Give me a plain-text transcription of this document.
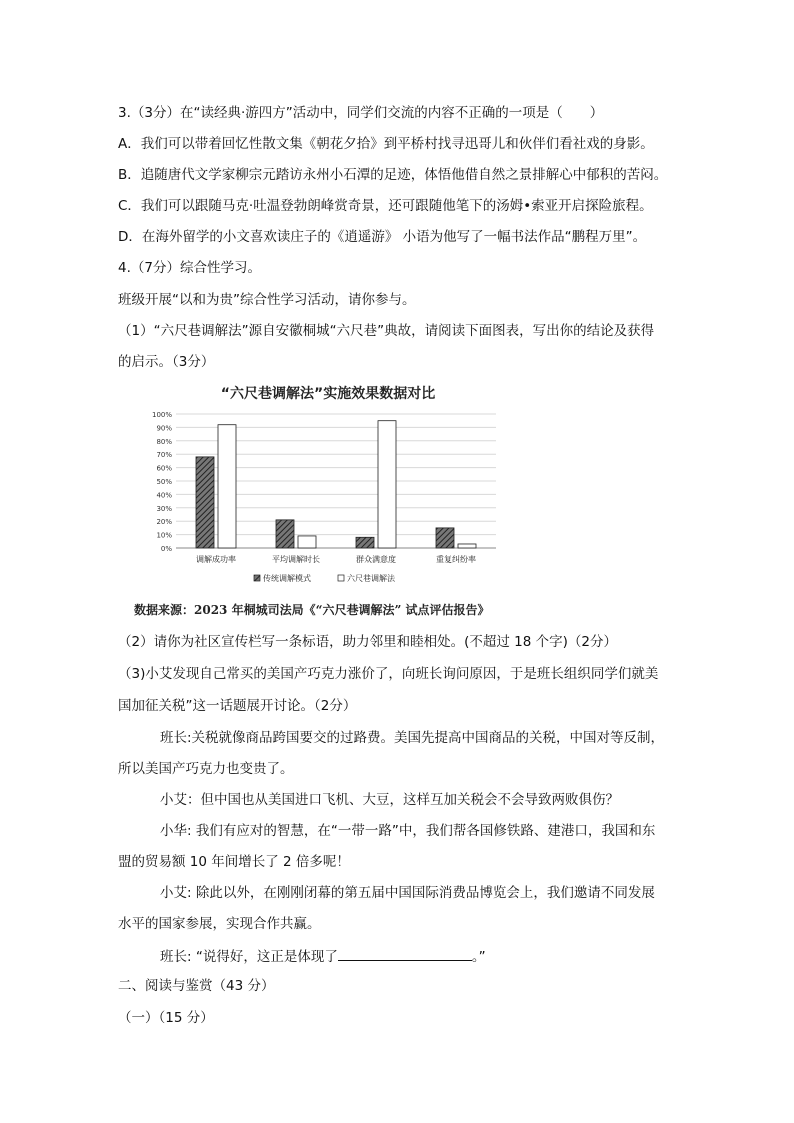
3.（3分）在“读经典·游四方”活动中，同学们交流的内容不正确的一项是（　　）
A．我们可以带着回忆性散文集《朝花夕拾》到平桥村找寻迅哥儿和伙伴们看社戏的身影。
B．追随唐代文学家柳宗元踏访永州小石潭的足迹，体悟他借自然之景排解心中郁积的苦闷。
C．我们可以跟随马克·吐温登勃朗峰赏奇景，还可跟随他笔下的汤姆•索亚开启探险旅程。
D．在海外留学的小文喜欢读庄子的《逍遥游》 小语为他写了一幅书法作品“鹏程万里”。
4.（7分）综合性学习。
班级开展“以和为贵”综合性学习活动，请你参与。
（1）“六尺巷调解法”源自安徽桐城“六尺巷”典故，请阅读下面图表，写出你的结论及获得
的启示。（3分）
“六尺巷调解法”实施效果数据对比
0%
10%
20%
30%
40%
50%
60%
70%
80%
90%
100%
调解成功率	平均调解时长	群众满意度	重复纠纷率
传统调解模式	六尺巷调解法
数据来源：2023 年桐城司法局《“六尺巷调解法” 试点评估报告》
（2）请你为社区宣传栏写一条标语，助力邻里和睦相处。(不超过 18 个字)（2分）
（3)小艾发现自己常买的美国产巧克力涨价了，向班长询问原因，于是班长组织同学们就美
国加征关税”这一话题展开讨论。（2分）
班长:关税就像商品跨国要交的过路费。美国先提高中国商品的关税，中国对等反制，
所以美国产巧克力也变贵了。
小艾：但中国也从美国进口飞机、大豆，这样互加关税会不会导致两败俱伤？
小华: 我们有应对的智慧，在“一带一路”中，我们帮各国修铁路、建港口，我国和东
盟的贸易额 10 年间增长了 2 倍多呢！
小艾: 除此以外，在刚刚闭幕的第五届中国国际消费品博览会上，我们邀请不同发展
水平的国家参展，实现合作共赢。
班长: “说得好，这正是体现了	。”
二、阅读与鉴赏（43 分）
（一）（15 分）
